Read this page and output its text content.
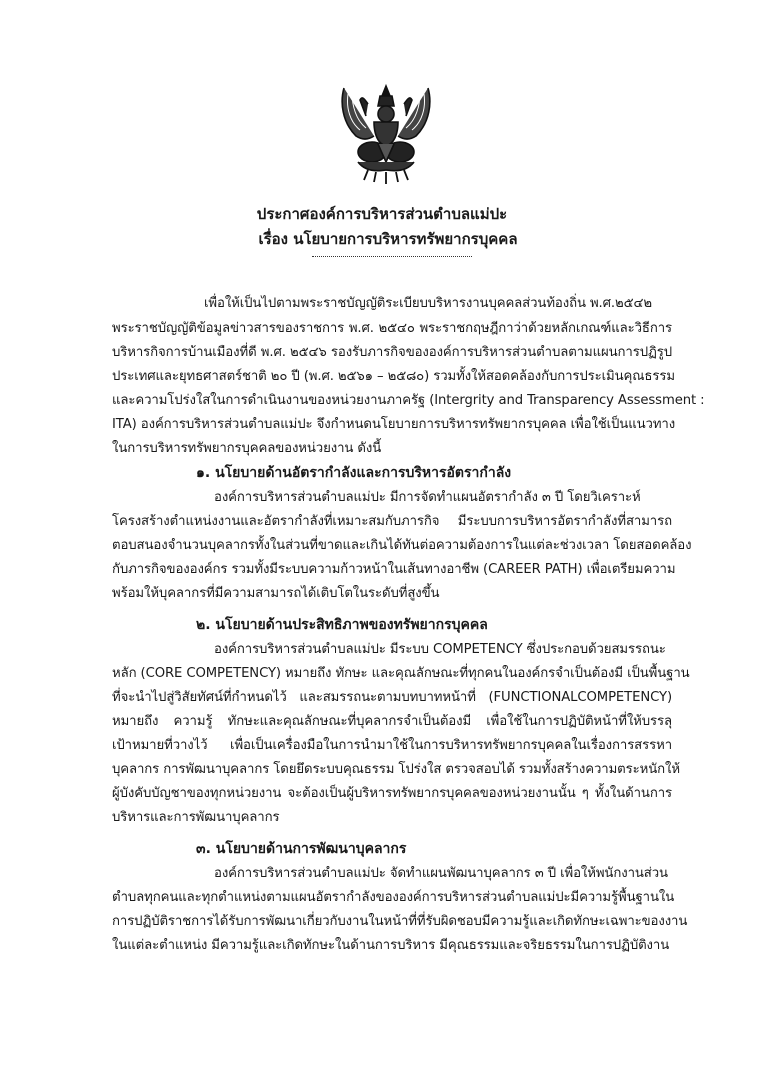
ประกาศองค์การบริหารส่วนตำบลแม่ปะ
เรื่อง นโยบายการบริหารทรัพยากรบุคคล
เพื่อให้เป็นไปตามพระราชบัญญัติระเบียบบริหารงานบุคคลส่วนท้องถิ่น พ.ศ.๒๕๔๒
พระราชบัญญัติข้อมูลข่าวสารของราชการ พ.ศ. ๒๕๔๐ พระราชกฤษฎีกาว่าด้วยหลักเกณฑ์และวิธีการ
บริหารกิจการบ้านเมืองที่ดี พ.ศ. ๒๕๔๖ รองรับภารกิจขององค์การบริหารส่วนตำบลตามแผนการปฏิรูป
ประเทศและยุทธศาสตร์ชาติ ๒๐ ปี (พ.ศ. ๒๕๖๑ – ๒๕๘๐) รวมทั้งให้สอดคล้องกับการประเมินคุณธรรม
และความโปร่งใสในการดำเนินงานของหน่วยงานภาครัฐ (Intergrity and Transparency Assessment :
ITA) องค์การบริหารส่วนตำบลแม่ปะ จึงกำหนดนโยบายการบริหารทรัพยากรบุคคล เพื่อใช้เป็นแนวทาง
ในการบริหารทรัพยากรบุคคลของหน่วยงาน ดังนี้
๑. นโยบายด้านอัตรากำลังและการบริหารอัตรากำลัง
องค์การบริหารส่วนตำบลแม่ปะ มีการจัดทำแผนอัตรากำลัง ๓ ปี โดยวิเคราะห์
โครงสร้างตำแหน่งงานและอัตรากำลังที่เหมาะสมกับภารกิจ มีระบบการบริหารอัตรากำลังที่สามารถ
ตอบสนองจำนวนบุคลากรทั้งในส่วนที่ขาดและเกินได้ทันต่อความต้องการในแต่ละช่วงเวลา โดยสอดคล้อง
กับภารกิจขององค์กร รวมทั้งมีระบบความก้าวหน้าในเส้นทางอาชีพ (CAREER PATH) เพื่อเตรียมความ
พร้อมให้บุคลากรที่มีความสามารถได้เติบโตในระดับที่สูงขึ้น
๒. นโยบายด้านประสิทธิภาพของทรัพยากรบุคคล
องค์การบริหารส่วนตำบลแม่ปะ มีระบบ COMPETENCY ซึ่งประกอบด้วยสมรรถนะ
หลัก (CORE COMPETENCY) หมายถึง ทักษะ และคุณลักษณะที่ทุกคนในองค์กรจำเป็นต้องมี เป็นพื้นฐาน
ที่จะนำไปสู่วิสัยทัศน์ที่กำหนดไว้ และสมรรถนะตามบทบาทหน้าที่ (FUNCTIONALCOMPETENCY)
หมายถึง ความรู้ ทักษะและคุณลักษณะที่บุคลากรจำเป็นต้องมี เพื่อใช้ในการปฏิบัติหน้าที่ให้บรรลุ
เป้าหมายที่วางไว้ เพื่อเป็นเครื่องมือในการนำมาใช้ในการบริหารทรัพยากรบุคคลในเรื่องการสรรหา
บุคลากร การพัฒนาบุคลากร โดยยึดระบบคุณธรรม โปร่งใส ตรวจสอบได้ รวมทั้งสร้างความตระหนักให้
ผู้บังคับบัญชาของทุกหน่วยงาน จะต้องเป็นผู้บริหารทรัพยากรบุคคลของหน่วยงานนั้น ๆ ทั้งในด้านการ
บริหารและการพัฒนาบุคลากร
๓. นโยบายด้านการพัฒนาบุคลากร
องค์การบริหารส่วนตำบลแม่ปะ จัดทำแผนพัฒนาบุคลากร ๓ ปี เพื่อให้พนักงานส่วน
ตำบลทุกคนและทุกตำแหน่งตามแผนอัตรากำลังขององค์การบริหารส่วนตำบลแม่ปะมีความรู้พื้นฐานใน
การปฏิบัติราชการได้รับการพัฒนาเกี่ยวกับงานในหน้าที่ที่รับผิดชอบมีความรู้และเกิดทักษะเฉพาะของงาน
ในแต่ละตำแหน่ง มีความรู้และเกิดทักษะในด้านการบริหาร มีคุณธรรมและจริยธรรมในการปฏิบัติงาน
